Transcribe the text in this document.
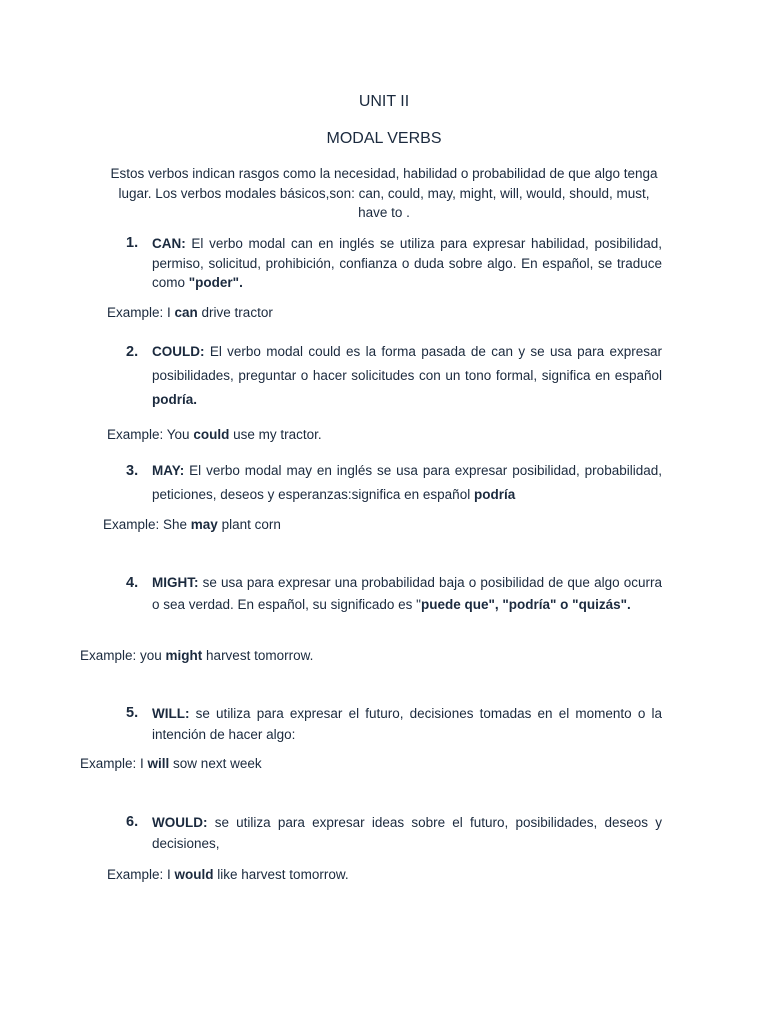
UNIT II
MODAL VERBS
Estos verbos indican rasgos como la necesidad, habilidad o probabilidad de que algo tenga lugar. Los verbos modales básicos,son: can, could, may, might, will, would, should, must, have to .
1. CAN: El verbo modal can en inglés se utiliza para expresar habilidad, posibilidad, permiso, solicitud, prohibición, confianza o duda sobre algo. En español, se traduce como "poder".
Example: I can drive tractor
2. COULD: El verbo modal could es la forma pasada de can y se usa para expresar posibilidades, preguntar o hacer solicitudes con un tono formal, significa en español podría.
Example: You could use my tractor.
3. MAY: El verbo modal may en inglés se usa para expresar posibilidad, probabilidad, peticiones, deseos y esperanzas:significa en español podría
Example: She may plant corn
4. MIGHT: se usa para expresar una probabilidad baja o posibilidad de que algo ocurra o sea verdad. En español, su significado es "puede que", "podría" o "quizás".
Example: you might harvest tomorrow.
5. WILL: se utiliza para expresar el futuro, decisiones tomadas en el momento o la intención de hacer algo:
Example: I will sow next week
6. WOULD: se utiliza para expresar ideas sobre el futuro, posibilidades, deseos y decisiones,
Example: I would like harvest tomorrow.
